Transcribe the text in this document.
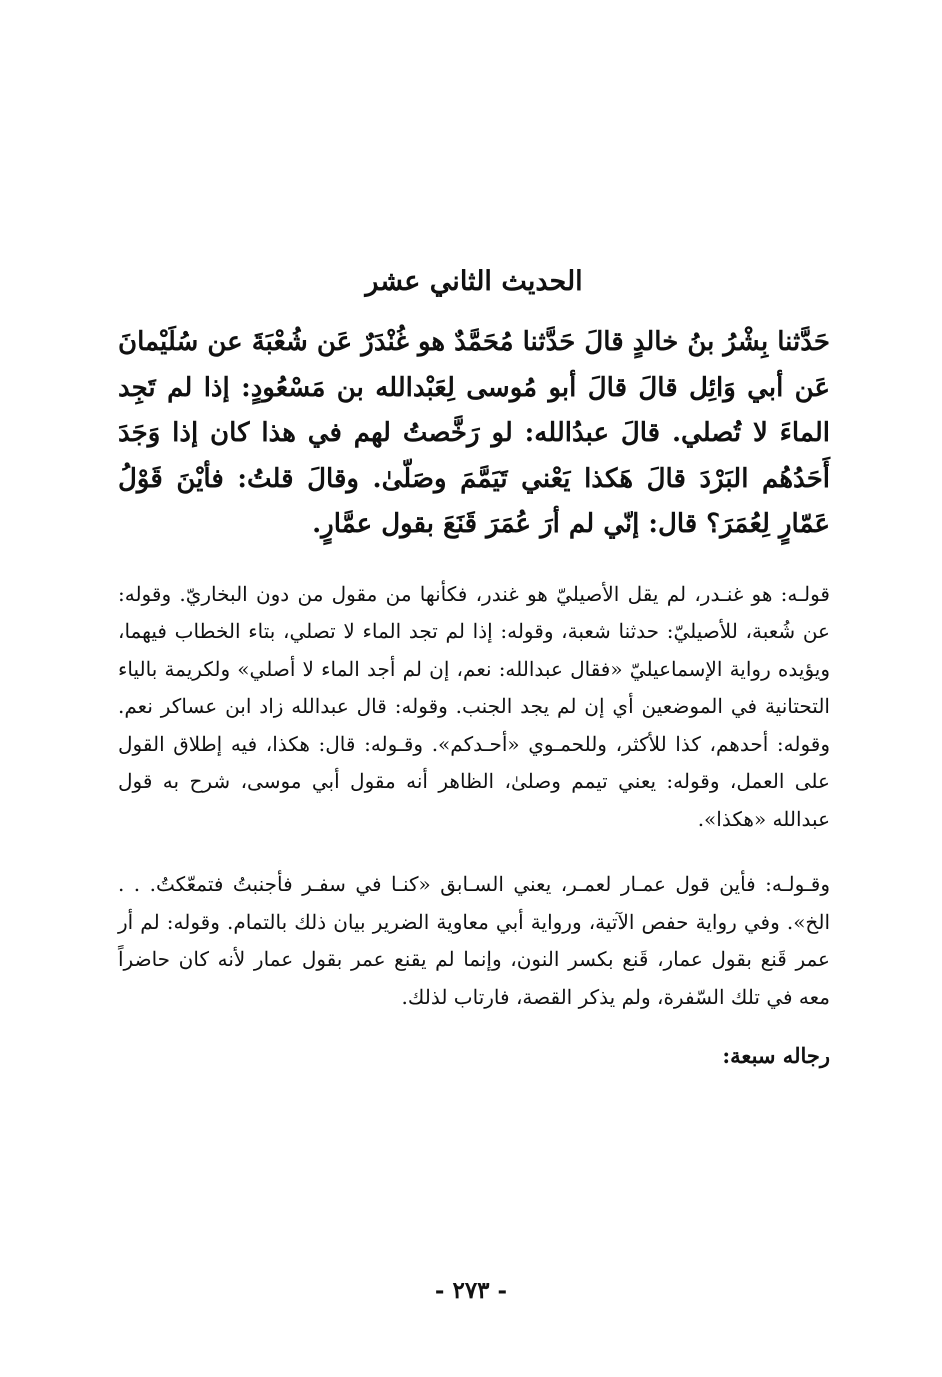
الحديث الثاني عشر

حَدَّثنا بِشْرُ بنُ خالدٍ قالَ حَدَّثنا مُحَمَّدٌ هو غُنْدَرٌ عَن شُعْبَةَ عن سُلَيْمانَ عَن أبي وَائِل قالَ قالَ أبو مُوسى لِعَبْدالله بن مَسْعُودٍ: إذا لم تَجِد الماءَ لا تُصلي. قالَ عبدُالله: لو رَخَّصتُ لهم في هذا كان إذا وَجَدَ أَحَدُهُم البَرْدَ قالَ هَكذا يَعْني تَيَمَّمَ وصَلّىٰ. وقالَ قلتُ: فأيْنَ قَوْلُ عَمّارٍ لِعُمَرَ؟ قال: إنّي لم أرَ عُمَرَ قَنَعَ بقول عمَّارٍ.

قولـه: هو غنـدر، لم يقل الأصيليّ هو غندر، فكأنها من مقول من دون البخاريّ. وقوله: عن شُعبة، للأصيليّ: حدثنا شعبة، وقوله: إذا لم تجد الماء لا تصلي، بتاء الخطاب فيهما، ويؤيده رواية الإسماعيليّ «فقال عبدالله: نعم، إن لم أجد الماء لا أصلي» ولكريمة بالياء التحتانية في الموضعين أي إن لم يجد الجنب. وقوله: قال عبدالله زاد ابن عساكر نعم. وقوله: أحدهم، كذا للأكثر، وللحمـوي «أحـدكم». وقـوله: قال: هكذا، فيه إطلاق القول على العمل، وقوله: يعني تيمم وصلىٰ، الظاهر أنه مقول أبي موسى، شرح به قول عبدالله «هكذا».

وقـولـه: فأين قول عمـار لعمـر، يعني السـابق «كنـا في سفـر فأجنبتُ فتمعّكتُ. . . الخ». وفي رواية حفص الآتية، ورواية أبي معاوية الضرير بيان ذلك بالتمام. وقوله: لم أر عمر قَنع بقول عمار، قَنع بكسر النون، وإنما لم يقنع عمر بقول عمار لأنه كان حاضراً معه في تلك السّفرة، ولم يذكر القصة، فارتاب لذلك.

رجاله سبعة:

- ٢٧٣ -
